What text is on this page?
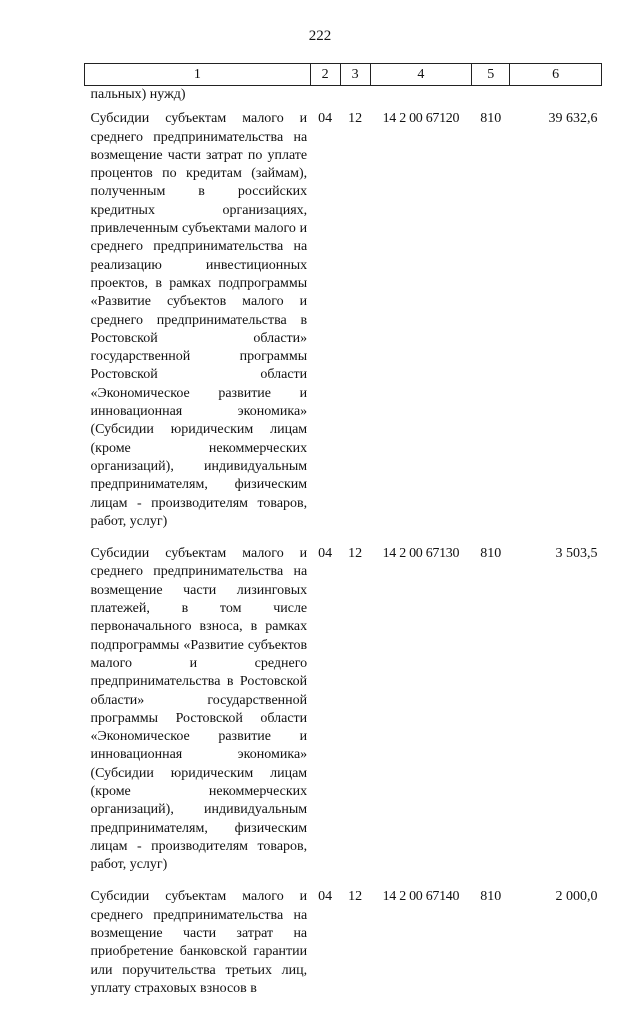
222
1	2	3	4	5	6
пальных) нужд)					
Субсидии субъектам малого и среднего предпринимательства на возмещение части затрат по уплате процентов по кредитам (займам), полученным в российских кредитных организациях, привлеченным субъектами малого и среднего предпринимательства на реализацию инвестиционных проектов, в рамках подпрограммы «Развитие субъектов малого и среднего предпринимательства в Ростовской области» государственной программы Ростовской области «Экономическое развитие и инновационная экономика» (Субсидии юридическим лицам (кроме некоммерческих организаций), индивидуальным предпринимателям, физическим лицам - производителям товаров, работ, услуг)	04	12	14 2 00 67120	810	39 632,6
Субсидии субъектам малого и среднего предпринимательства на возмещение части лизинговых платежей, в том числе первоначального взноса, в рамках подпрограммы «Развитие субъектов малого и среднего предпринимательства в Ростовской области» государственной программы Ростовской области «Экономическое развитие и инновационная экономика» (Субсидии юридическим лицам (кроме некоммерческих организаций), индивидуальным предпринимателям, физическим лицам - производителям товаров, работ, услуг)	04	12	14 2 00 67130	810	3 503,5
Субсидии субъектам малого и среднего предпринимательства на возмещение части затрат на приобретение банковской гарантии или поручительства третьих лиц, уплату страховых взносов в	04	12	14 2 00 67140	810	2 000,0
